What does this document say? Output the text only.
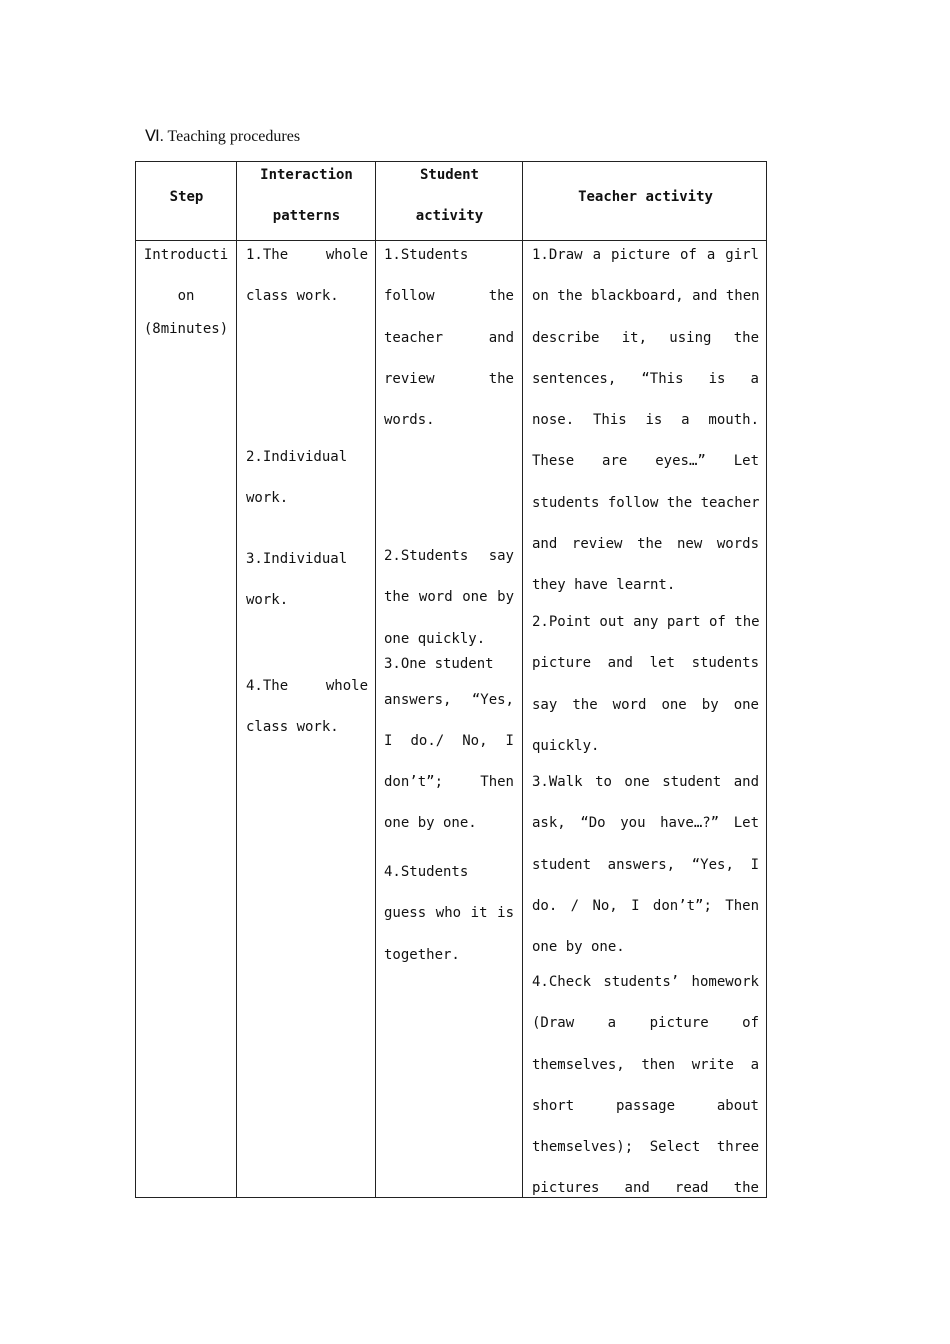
Ⅵ. Teaching procedures
Step
Interaction
patterns
Student
activity
Teacher activity
Introducti
on
(8minutes)
1.The whole
class work.
2.Individual
work.
3.Individual
work.
4.The whole
class work.
1.Students
follow the
teacher and
review the
words.
2.Students say
the word one by
one quickly.
3.One student
answers, “Yes,
I do./ No, I
don’t”; Then
one by one.
4.Students
guess who it is
together.
1.Draw a picture of a girl
on the blackboard, and then
describe it, using the
sentences, “This is a
nose. This is a mouth.
These are eyes…” Let
students follow the teacher
and review the new words
they have learnt.
2.Point out any part of the
picture and let students
say the word one by one
quickly.
3.Walk to one student and
ask, “Do you have…?” Let
student answers, “Yes, I
do. / No, I don’t”; Then
one by one.
4.Check students’ homework
(Draw a picture of
themselves, then write a
short passage about
themselves); Select three
pictures and read the
